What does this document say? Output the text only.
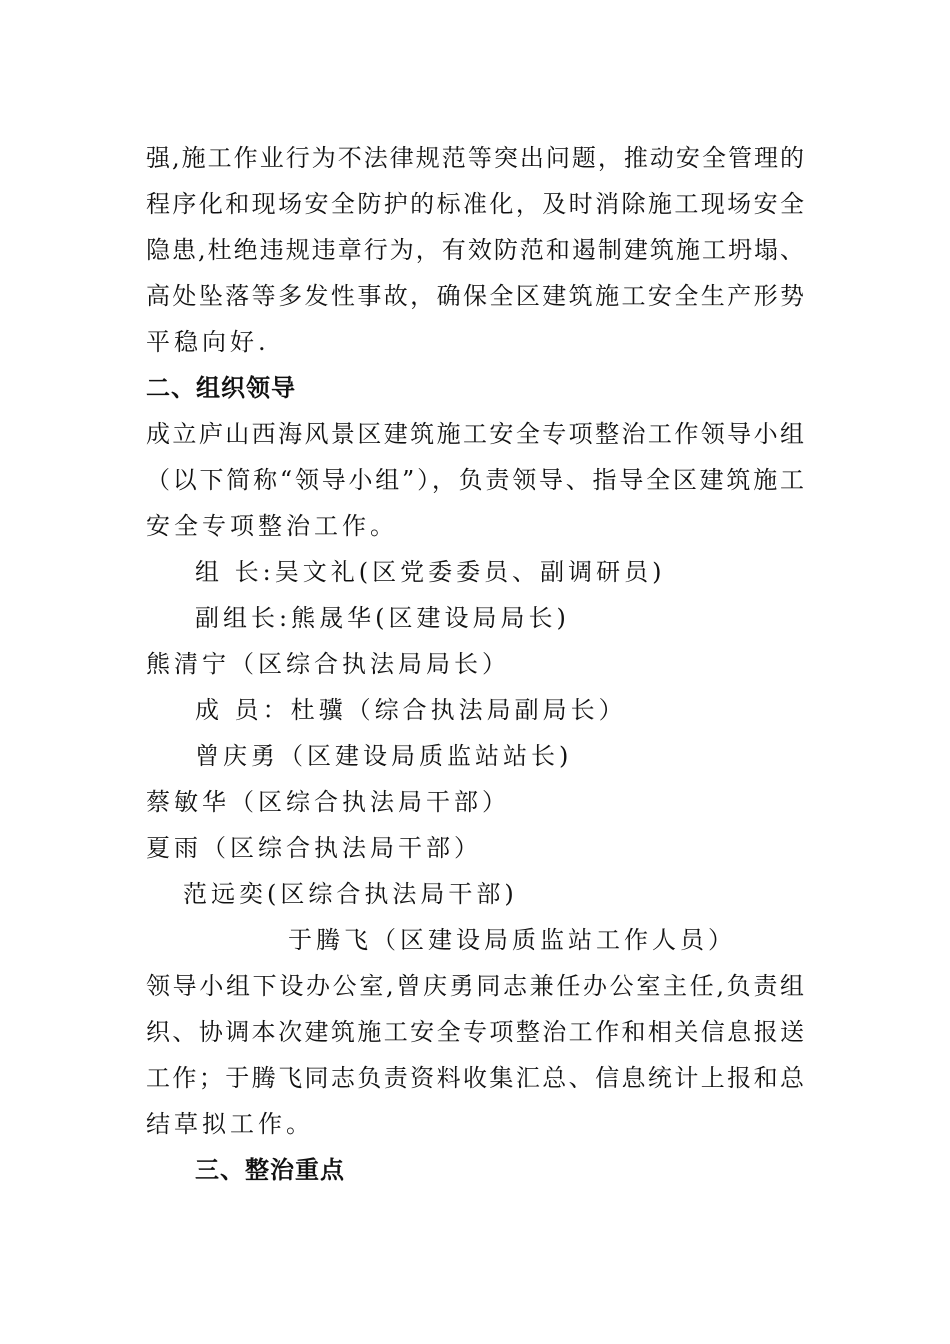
强,施工作业行为不法律规范等突出问题，推动安全管理的
程序化和现场安全防护的标准化，及时消除施工现场安全
隐患,杜绝违规违章行为，有效防范和遏制建筑施工坍塌、
高处坠落等多发性事故，确保全区建筑施工安全生产形势
平稳向好.
二、组织领导
成立庐山西海风景区建筑施工安全专项整治工作领导小组
（以下简称“领导小组”），负责领导、指导全区建筑施工
安全专项整治工作。
组 长:吴文礼(区党委委员、副调研员)
副组长:熊晟华(区建设局局长)
熊清宁（区综合执法局局长）
成 员：杜骥（综合执法局副局长）
曾庆勇（区建设局质监站站长)
蔡敏华（区综合执法局干部）
夏雨（区综合执法局干部）
范远奕(区综合执法局干部)
于腾飞（区建设局质监站工作人员）
领导小组下设办公室,曾庆勇同志兼任办公室主任,负责组
织、协调本次建筑施工安全专项整治工作和相关信息报送
工作；于腾飞同志负责资料收集汇总、信息统计上报和总
结草拟工作。
三、整治重点
